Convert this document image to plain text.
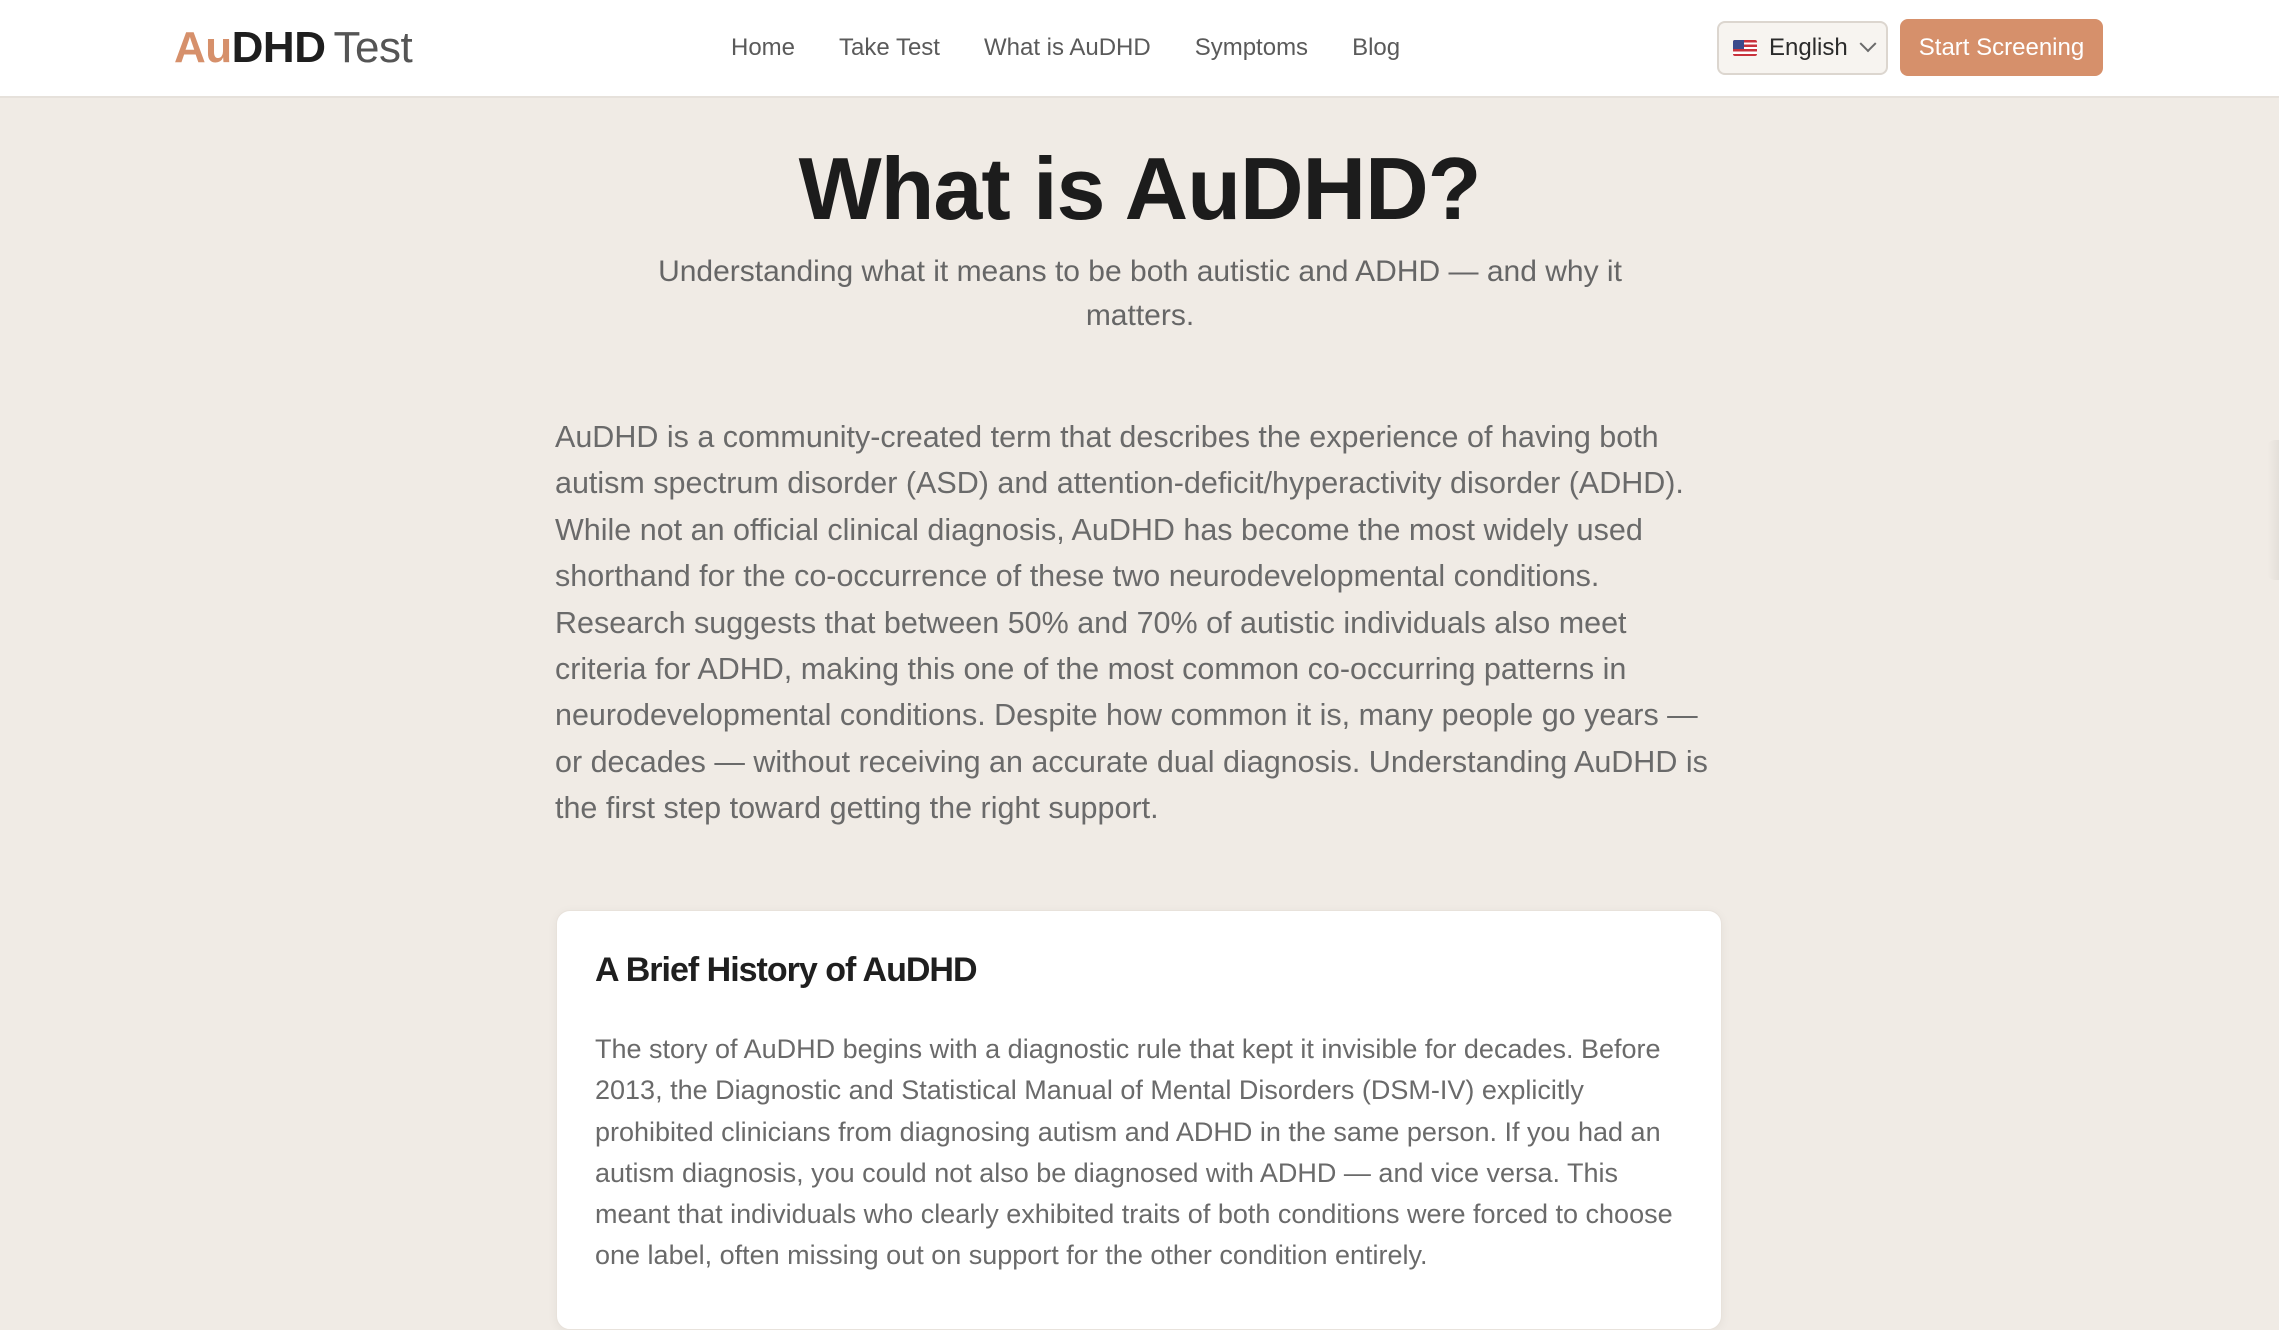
AuDHD Test	Home Take Test What is AuDHD Symptoms Blog	English	Start Screening
What is AuDHD?

Understanding what it means to be both autistic and ADHD — and why it matters.

AuDHD is a community-created term that describes the experience of having both autism spectrum disorder (ASD) and attention-deficit/hyperactivity disorder (ADHD). While not an official clinical diagnosis, AuDHD has become the most widely used shorthand for the co-occurrence of these two neurodevelopmental conditions. Research suggests that between 50% and 70% of autistic individuals also meet criteria for ADHD, making this one of the most common co-occurring patterns in neurodevelopmental conditions. Despite how common it is, many people go years — or decades — without receiving an accurate dual diagnosis. Understanding AuDHD is the first step toward getting the right support.

A Brief History of AuDHD

The story of AuDHD begins with a diagnostic rule that kept it invisible for decades. Before 2013, the Diagnostic and Statistical Manual of Mental Disorders (DSM-IV) explicitly prohibited clinicians from diagnosing autism and ADHD in the same person. If you had an autism diagnosis, you could not also be diagnosed with ADHD — and vice versa. This meant that individuals who clearly exhibited traits of both conditions were forced to choose one label, often missing out on support for the other condition entirely.
